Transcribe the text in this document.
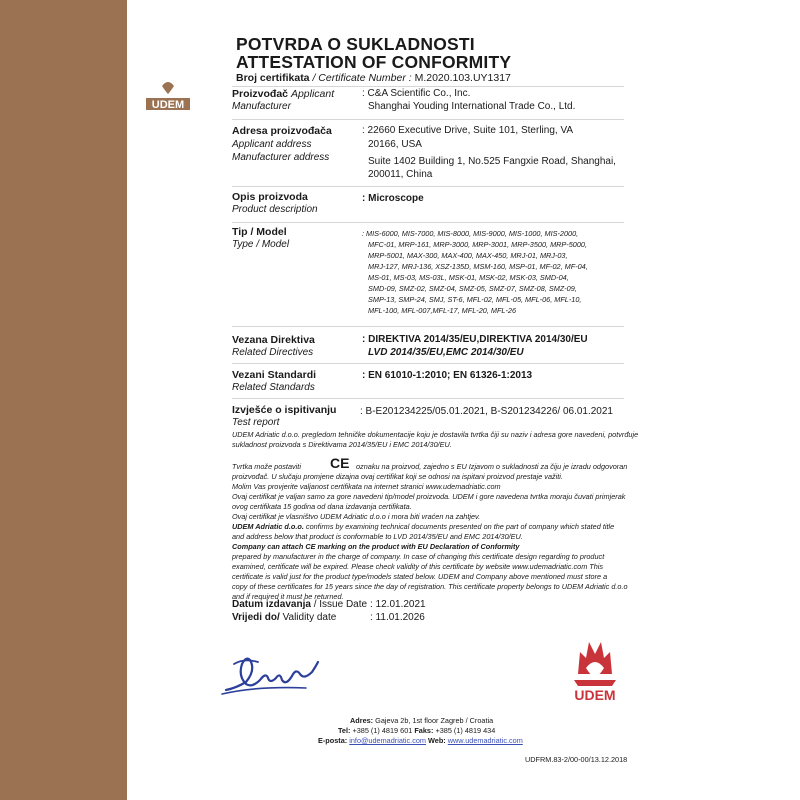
UDEM
POTVRDA O SUKLADNOSTI
ATTESTATION OF CONFORMITY
Broj certifikata / Certificate Number : M.2020.103.UY1317
Proizvođač Applicant
Manufacturer
: C&A Scientific Co., Inc.
Shanghai Youding International Trade Co., Ltd.
Adresa proizvođača
Applicant address
Manufacturer address
: 22660 Executive Drive, Suite 101, Sterling, VA
20166, USA
Suite 1402 Building 1, No.525 Fangxie Road, Shanghai,
200011, China
Opis proizvoda
Product description
: Microscope
Tip / Model
Type / Model
: MIS-6000, MIS-7000, MIS-8000, MIS-9000, MIS-1000, MIS-2000,
MFC-01, MRP-161, MRP-3000, MRP-3001, MRP-3500, MRP-5000,
MRP-5001, MAX-300, MAX-400, MAX-450, MRJ-01, MRJ-03,
MRJ-127, MRJ-136, XSZ-135D, MSM-160, MSP-01, MF-02, MF-04,
MS-01, MS-03, MS-03L, MSK-01, MSK-02, MSK-03, SMD-04,
SMD-09, SMZ-02, SMZ-04, SMZ-05, SMZ-07, SMZ-08, SMZ-09,
SMP-13, SMP-24, SMJ, ST-6, MFL-02, MFL-05, MFL-06, MFL-10,
MFL-100, MFL-007,MFL-17, MFL-20, MFL-26
Vezana Direktiva
Related Directives
: DIREKTIVA 2014/35/EU,DIREKTIVA 2014/30/EU
LVD 2014/35/EU,EMC 2014/30/EU
Vezani Standardi
Related Standards
: EN 61010-1:2010; EN 61326-1:2013
Izvješće o ispitivanju
Test report
: B-E201234225/05.01.2021, B-S201234226/ 06.01.2021
UDEM Adriatic d.o.o. pregledom tehničke dokumentacije koju je dostavila tvrtka čiji su naziv i adresa gore navedeni, potvrđuje
sukladnost proizvoda s Direktivama 2014/35/EU i EMC 2014/30/EU.
Tvrtka može postaviti CE oznaku na proizvod, zajedno s EU Izjavom o sukladnosti za čiju je izradu odgovoran
proizvođač. U slučaju promjene dizajna ovaj certifikat koji se odnosi na ispitani proizvod prestaje važiti.
Molim Vas provjerite valjanost certifikata na internet stranici www.udemadriatic.com
Ovaj certifikat je valjan samo za gore navedeni tip/model proizvoda. UDEM i gore navedena tvrtka moraju čuvati primjerak
ovog certifikata 15 godina od dana izdavanja certifikata.
Ovaj certifikat je vlasništvo UDEM Adriatic d.o.o i mora biti vraćen na zahtjev.
UDEM Adriatic d.o.o. confirms by examining technical documents presented on the part of company which stated title
and address below that product is conformable to LVD 2014/35/EU and EMC 2014/30/EU.
Company can attach CE marking on the product with EU Declaration of Conformity
prepared by manufacturer in the charge of company. In case of changing this certificate design regarding to product
examined, certificate will be expired. Please check validity of this certificate by website www.udemadriatic.com This
certificate is valid just for the product type/models stated below. UDEM and Company above mentioned must store a
copy of these certificates for 15 years since the day of registration. This certificate property belongs to UDEM Adriatic d.o.o
and if required it must be returned.
Datum izdavanja / Issue Date : 12.01.2021
Vrijedi do/ Validity date	: 11.01.2026
UDEM
Adres: Gajeva 2b, 1st floor Zagreb / Croatia
Tel: +385 (1) 4819 601 Faks: +385 (1) 4819 434
E-posta: info@udemadriatic.com Web: www.udemadriatic.com
UDFRM.83-2/00-00/13.12.2018
